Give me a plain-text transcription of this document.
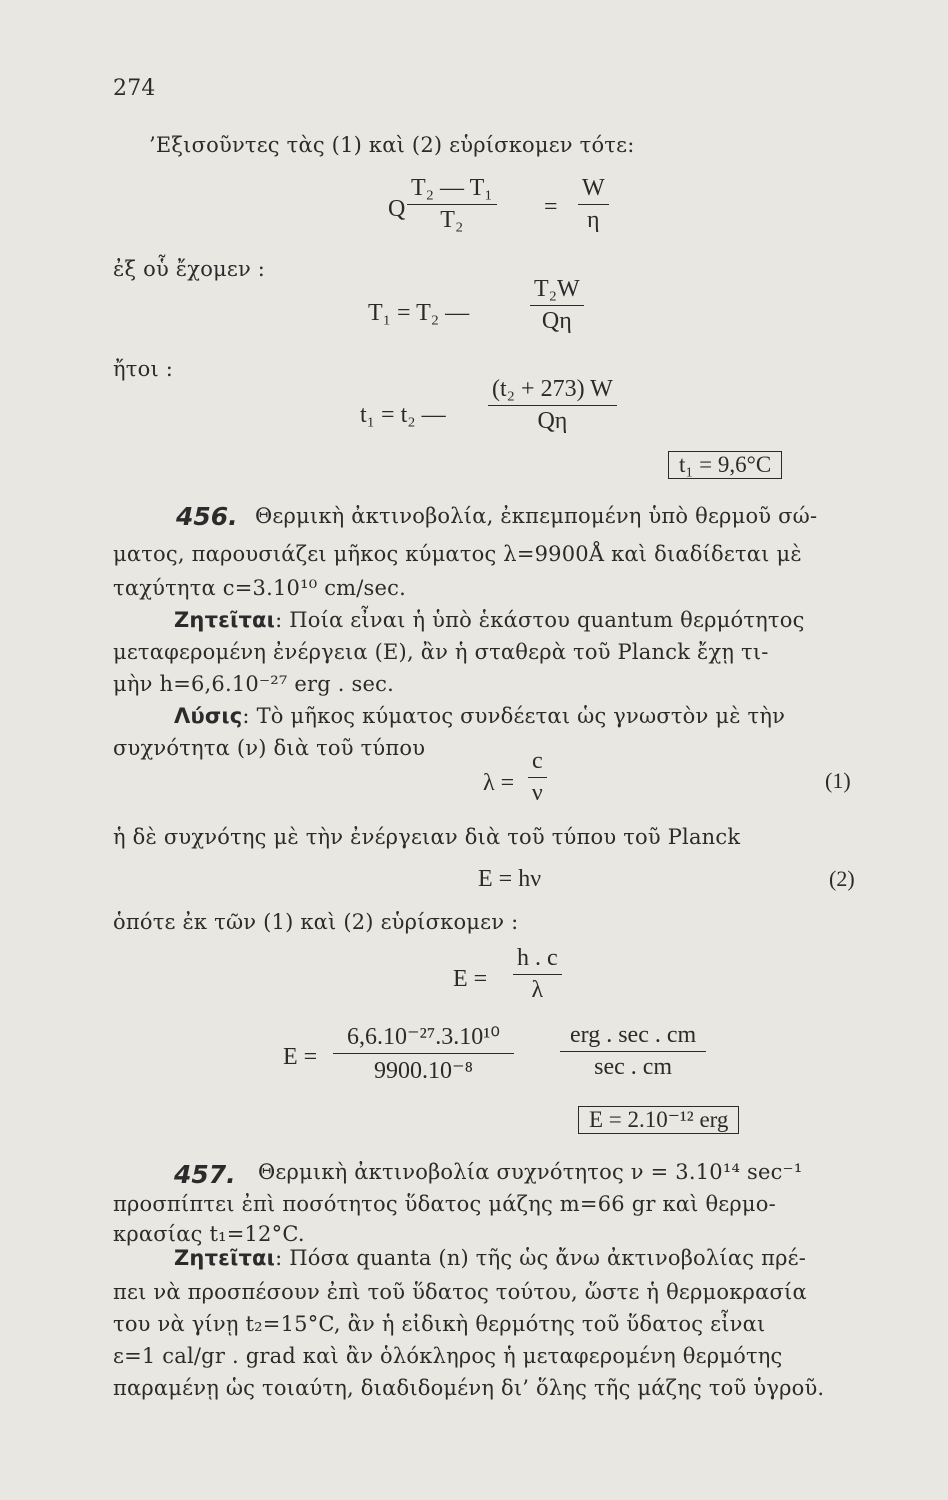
274
’Εξισοῦντες τὰς (1) καὶ (2) εὑρίσκομεν τότε:
Q $\frac{\text{T₂ — T₁}}{\text{T₂}} = \frac{W}{\eta}$
ἐξ οὗ ἔχομεν :
T₁ = T₂ —	$\frac{\text{T₂W}}{Q\eta}$
ἤτοι :
t₁ = t₂ — $\frac{\text{(t₂ + 273) W}}{Q\eta}$
t₁ = 9,6°C
456. Θερμικὴ ἀκτινοβολία, ἐκπεμπομένη ὑπὸ θερμοῦ σώ-
ματος, παρουσιάζει μῆκος κύματος λ=9900Å καὶ διαδίδεται μὲ
ταχύτητα c=3.10¹⁰ cm/sec.
Ζητεῖται: Ποία εἶναι ἡ ὑπὸ ἑκάστου quantum θερμότητος
μεταφερομένη ἐνέργεια (E), ἂν ἡ σταθερὰ τοῦ Planck ἔχῃ τι-
μὴν h=6,6.10⁻²⁷ erg . sec.
Λύσις: Τὸ μῆκος κύματος συνδέεται ὡς γνωστὸν μὲ τὴν
συχνότητα (ν) διὰ τοῦ τύπου
$\lambda = \frac{c}{\nu}$	(1)
ἡ δὲ συχνότης μὲ τὴν ἐνέργειαν διὰ τοῦ τύπου τοῦ Planck
E = hν	(2)
ὁπότε ἐκ τῶν (1) καὶ (2) εὑρίσκομεν :
$E = \frac{h . c}{\lambda}$
$E = \frac{\text{6,6.10⁻²⁷.3.10¹⁰}}{\text{9900.10⁻⁸}}$	erg . sec . cm
sec . cm
E = 2.10⁻¹² erg
457. Θερμικὴ ἀκτινοβολία συχνότητος ν = 3.10¹⁴ sec⁻¹
προσπίπτει ἐπὶ ποσότητος ὕδατος μάζης m=66 gr καὶ θερμο-
κρασίας t₁=12°C.
Ζητεῖται: Πόσα quanta (n) τῆς ὡς ἄνω ἀκτινοβολίας πρέ-
πει νὰ προσπέσουν ἐπὶ τοῦ ὕδατος τούτου, ὥστε ἡ θερμοκρασία
του νὰ γίνῃ t₂=15°C, ἂν ἡ εἰδικὴ θερμότης τοῦ ὕδατος εἶναι
ε=1 cal/gr . grad καὶ ἂν ὁλόκληρος ἡ μεταφερομένη θερμότης
παραμένῃ ὡς τοιαύτη, διαδιδομένη δι’ ὅλης τῆς μάζης τοῦ ὑγροῦ.
